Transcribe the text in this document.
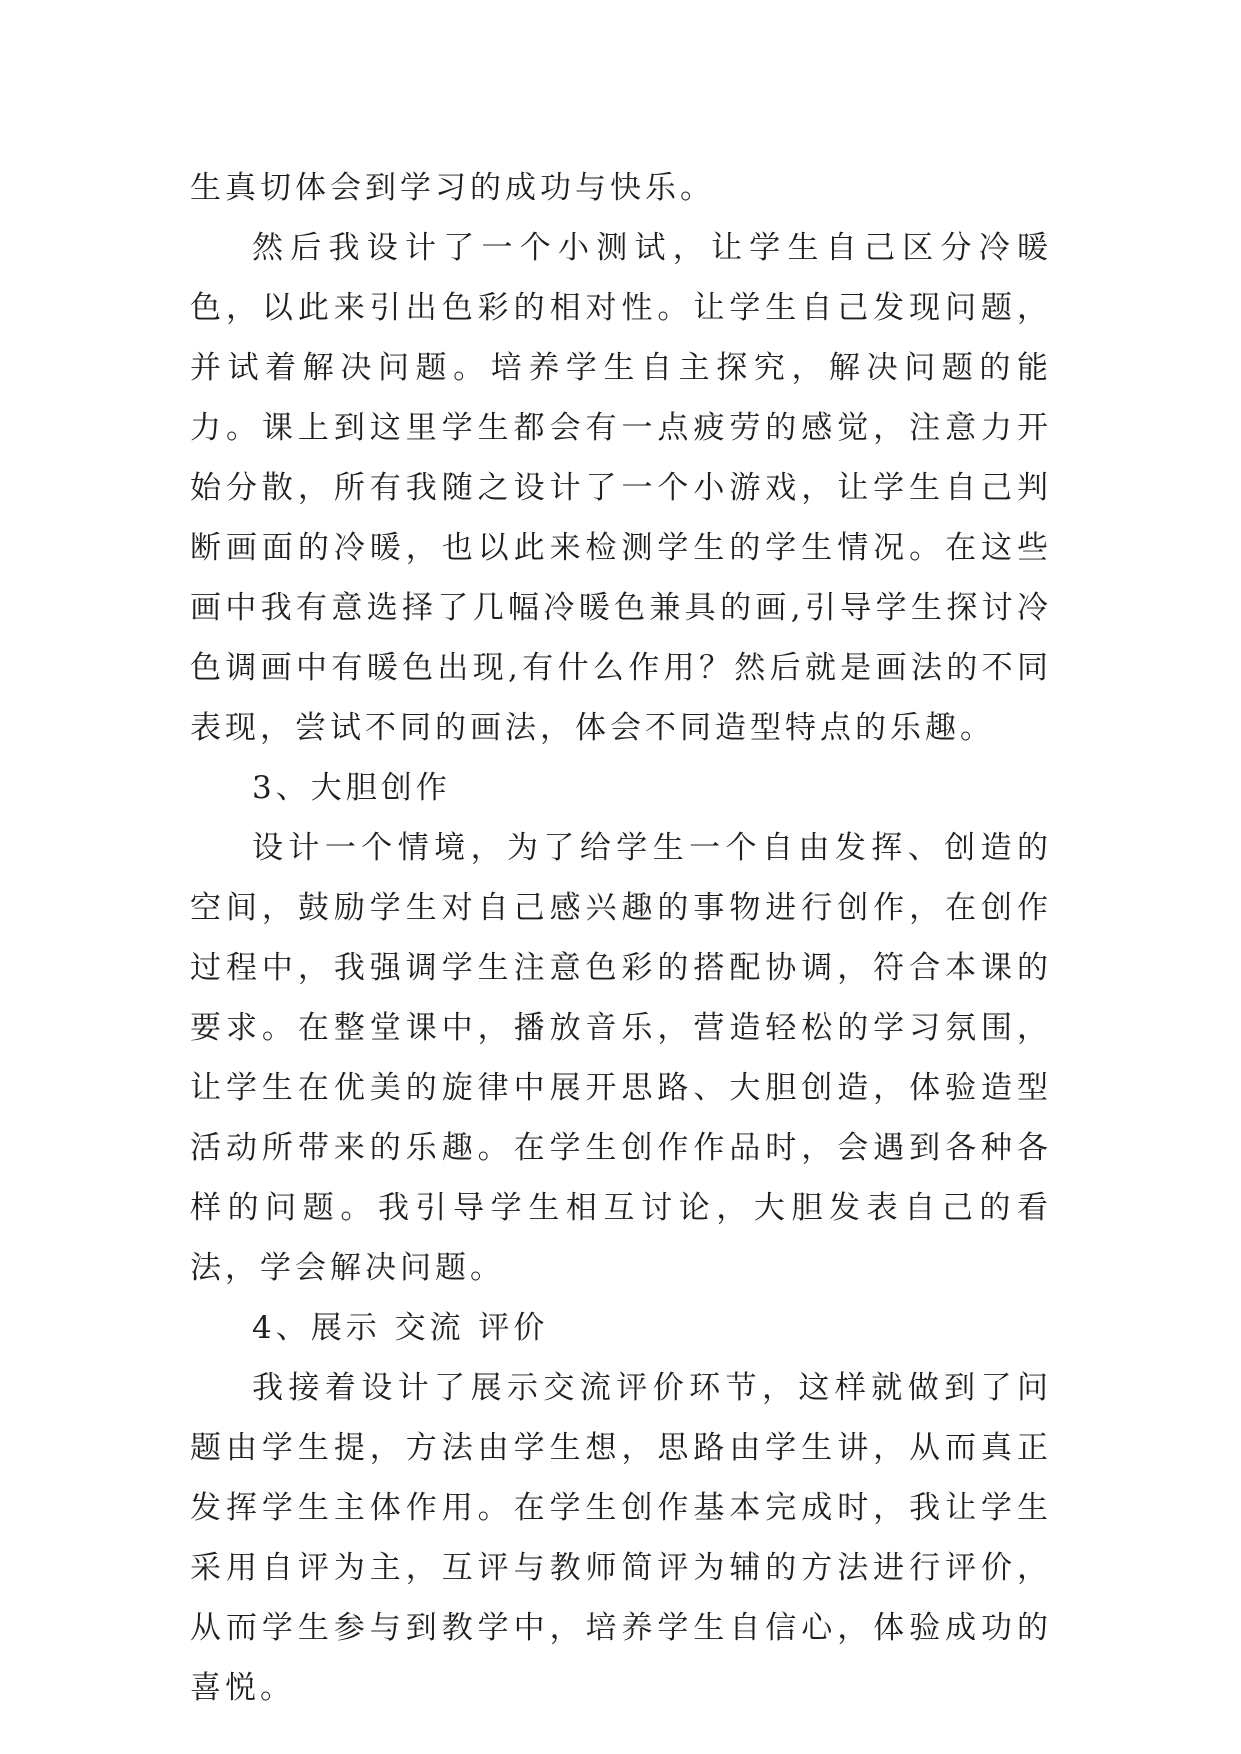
生真切体会到学习的成功与快乐。

然后我设计了一个小测试，让学生自己区分冷暖色，以此来引出色彩的相对性。让学生自己发现问题，并试着解决问题。培养学生自主探究，解决问题的能力。课上到这里学生都会有一点疲劳的感觉，注意力开始分散，所有我随之设计了一个小游戏，让学生自己判断画面的冷暖，也以此来检测学生的学生情况。在这些画中我有意选择了几幅冷暖色兼具的画,引导学生探讨冷色调画中有暖色出现,有什么作用？然后就是画法的不同表现，尝试不同的画法，体会不同造型特点的乐趣。

3、大胆创作

设计一个情境，为了给学生一个自由发挥、创造的空间，鼓励学生对自己感兴趣的事物进行创作，在创作过程中，我强调学生注意色彩的搭配协调，符合本课的要求。在整堂课中，播放音乐，营造轻松的学习氛围，让学生在优美的旋律中展开思路、大胆创造，体验造型活动所带来的乐趣。在学生创作作品时，会遇到各种各样的问题。我引导学生相互讨论，大胆发表自己的看法，学会解决问题。

4、展示 交流 评价

我接着设计了展示交流评价环节，这样就做到了问题由学生提，方法由学生想，思路由学生讲，从而真正发挥学生主体作用。在学生创作基本完成时，我让学生采用自评为主，互评与教师简评为辅的方法进行评价，从而学生参与到教学中，培养学生自信心，体验成功的喜悦。
